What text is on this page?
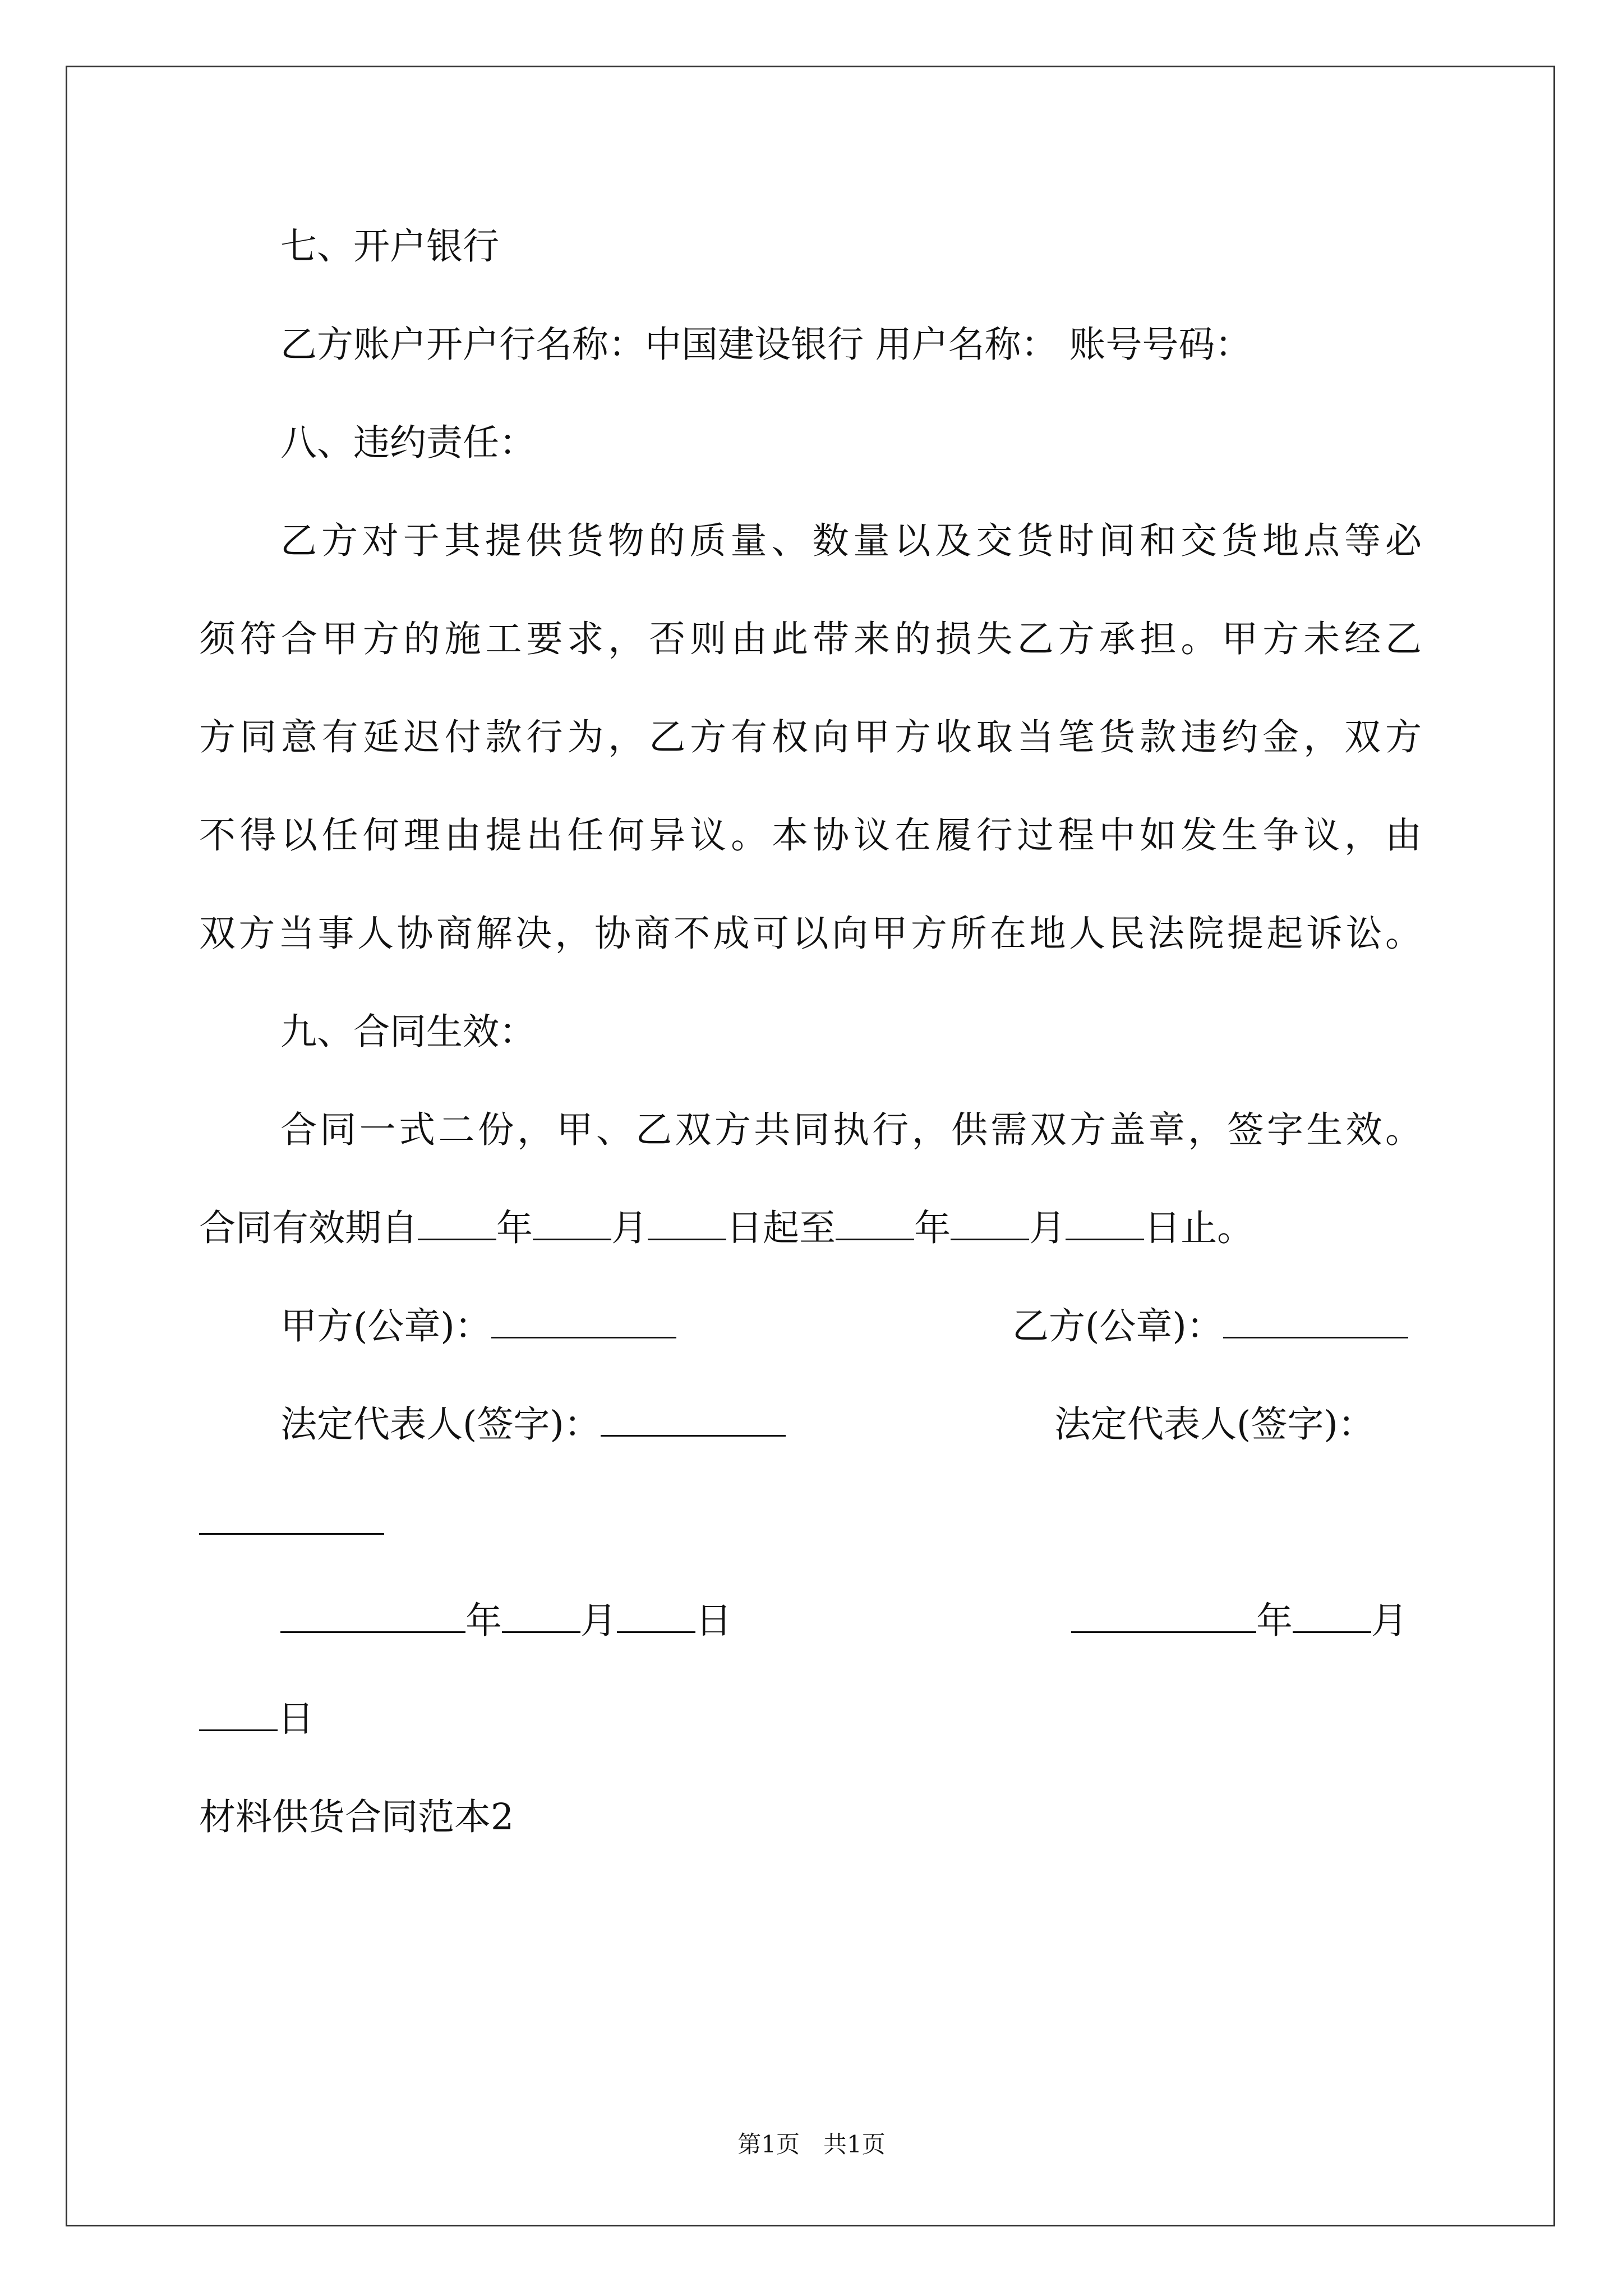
七、开户银行
乙方账户开户行名称：中国建设银行 用户名称： 账号号码：
八、违约责任：
乙方对于其提供货物的质量、数量以及交货时间和交货地点等必
须符合甲方的施工要求，否则由此带来的损失乙方承担。甲方未经乙
方同意有延迟付款行为，乙方有权向甲方收取当笔货款违约金，双方
不得以任何理由提出任何异议。本协议在履行过程中如发生争议，由
双方当事人协商解决，协商不成可以向甲方所在地人民法院提起诉讼。
九、合同生效：
合同一式二份，甲、乙双方共同执行，供需双方盖章，签字生效。
合同有效期自 年 月 日起至 年 月 日止。
甲方(公章)：	乙方(公章)：
法定代表人(签字)：	法定代表人(签字)：
年 月 日	年 月
日
材料供货合同范本2
第1页　共1页
